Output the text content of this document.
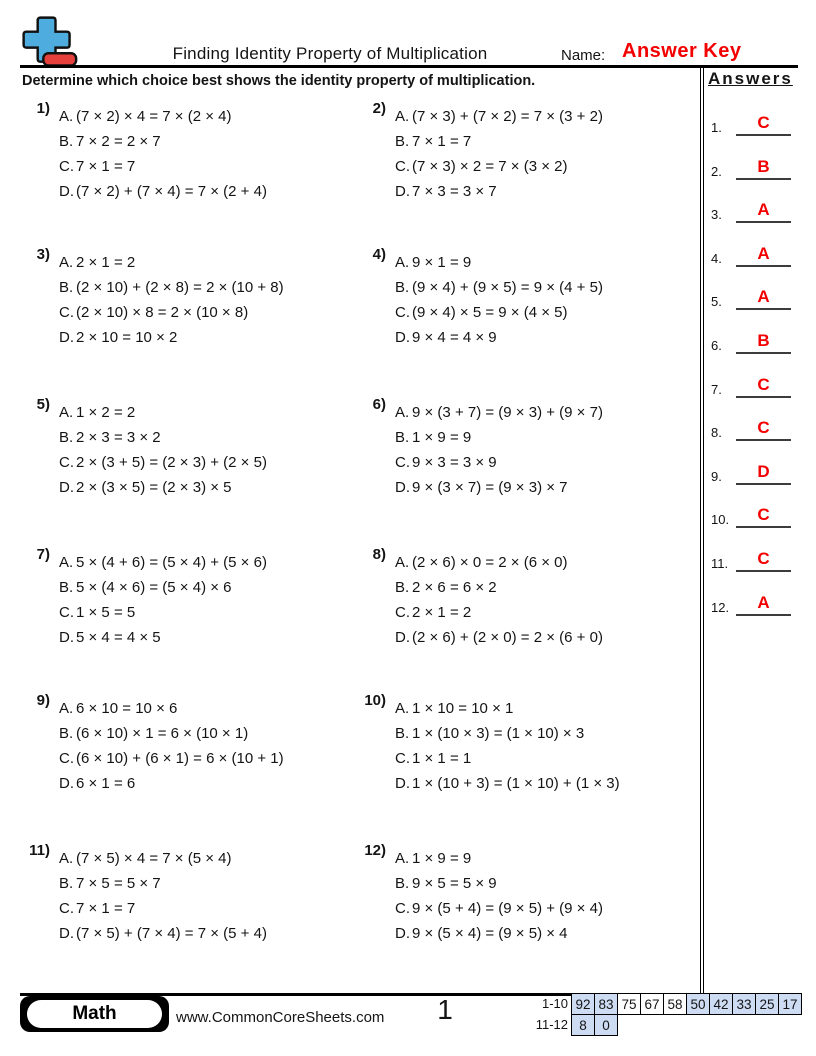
Finding Identity Property of Multiplication	Name: Answer Key
Determine which choice best shows the identity property of multiplication.	Answers
1.	C
2.	B
3.	A
4.	A
5.	A
6.	B
7.	C
8.	C
9.	D
10.	C
11.	C
12.	A
1) A. (7 × 2) × 4 = 7 × (2 × 4)
B. 7 × 2 = 2 × 7
C. 7 × 1 = 7
D. (7 × 2) + (7 × 4) = 7 × (2 + 4)
2) A. (7 × 3) + (7 × 2) = 7 × (3 + 2)
B. 7 × 1 = 7
C. (7 × 3) × 2 = 7 × (3 × 2)
D. 7 × 3 = 3 × 7
3) A. 2 × 1 = 2
B. (2 × 10) + (2 × 8) = 2 × (10 + 8)
C. (2 × 10) × 8 = 2 × (10 × 8)
D. 2 × 10 = 10 × 2
4) A. 9 × 1 = 9
B. (9 × 4) + (9 × 5) = 9 × (4 + 5)
C. (9 × 4) × 5 = 9 × (4 × 5)
D. 9 × 4 = 4 × 9
5) A. 1 × 2 = 2
B. 2 × 3 = 3 × 2
C. 2 × (3 + 5) = (2 × 3) + (2 × 5)
D. 2 × (3 × 5) = (2 × 3) × 5
6) A. 9 × (3 + 7) = (9 × 3) + (9 × 7)
B. 1 × 9 = 9
C. 9 × 3 = 3 × 9
D. 9 × (3 × 7) = (9 × 3) × 7
7) A. 5 × (4 + 6) = (5 × 4) + (5 × 6)
B. 5 × (4 × 6) = (5 × 4) × 6
C. 1 × 5 = 5
D. 5 × 4 = 4 × 5
8) A. (2 × 6) × 0 = 2 × (6 × 0)
B. 2 × 6 = 6 × 2
C. 2 × 1 = 2
D. (2 × 6) + (2 × 0) = 2 × (6 + 0)
9) A. 6 × 10 = 10 × 6
B. (6 × 10) × 1 = 6 × (10 × 1)
C. (6 × 10) + (6 × 1) = 6 × (10 + 1)
D. 6 × 1 = 6
10) A. 1 × 10 = 10 × 1
B. 1 × (10 × 3) = (1 × 10) × 3
C. 1 × 1 = 1
D. 1 × (10 + 3) = (1 × 10) + (1 × 3)
11) A. (7 × 5) × 4 = 7 × (5 × 4)
B. 7 × 5 = 5 × 7
C. 7 × 1 = 7
D. (7 × 5) + (7 × 4) = 7 × (5 + 4)
12) A. 1 × 9 = 9
B. 9 × 5 = 5 × 9
C. 9 × (5 + 4) = (9 × 5) + (9 × 4)
D. 9 × (5 × 4) = (9 × 5) × 4
Math	www.CommonCoreSheets.com	1	1-10 92 83 75 67 58 50 42 33 25 17
11-12 8	0
